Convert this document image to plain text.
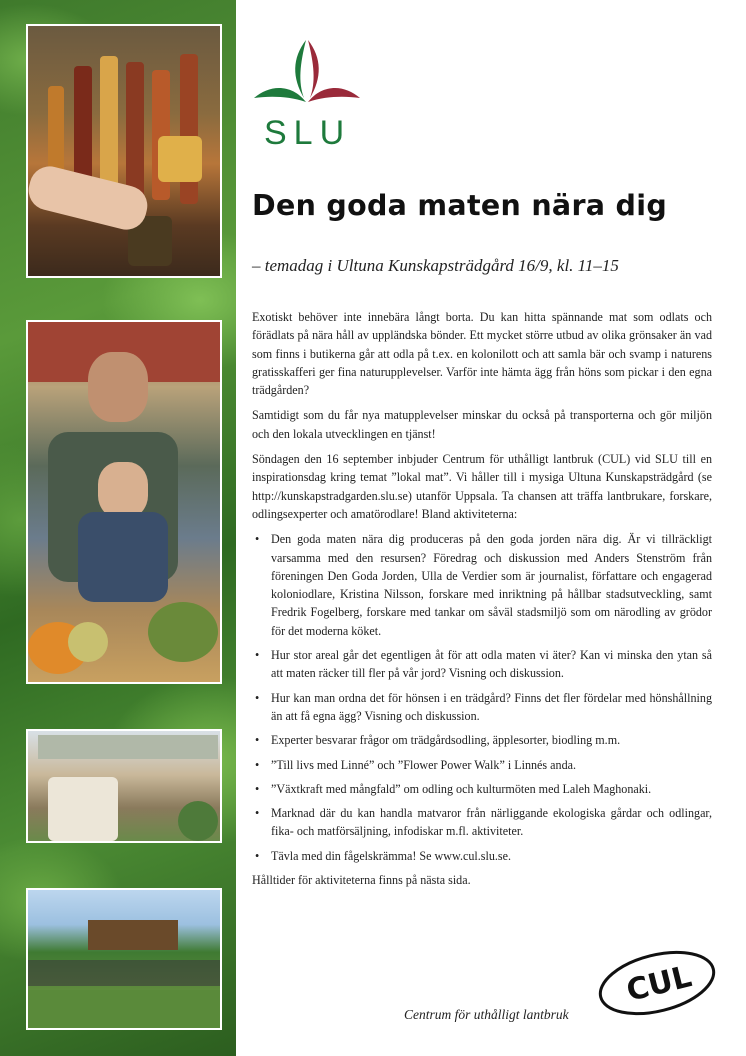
SLU
Den goda maten nära dig
– temadag i Ultuna Kunskapsträdgård 16/9, kl. 11–15

Exotiskt behöver inte innebära långt borta. Du kan hitta spännande mat som odlats och förädlats på nära håll av uppländska bönder. Ett mycket större utbud av olika grönsaker än vad som finns i butikerna går att odla på t.ex. en kolonilott och att samla bär och svamp i naturens gratisskafferi ger fina naturupplevelser. Varför inte hämta ägg från höns som pickar i den egna trädgården?

Samtidigt som du får nya matupplevelser minskar du också på transporterna och gör miljön och den lokala utvecklingen en tjänst!

Söndagen den 16 september inbjuder Centrum för uthålligt lantbruk (CUL) vid SLU till en inspirationsdag kring temat ”lokal mat”. Vi håller till i mysiga Ultuna Kunskapsträdgård (se http://kunskapstradgarden.slu.se) utanför Uppsala. Ta chansen att träffa lantbrukare, forskare, odlingsexperter och amatörodlare! Bland aktiviteterna:

• Den goda maten nära dig produceras på den goda jorden nära dig. Är vi tillräckligt varsamma med den resursen? Föredrag och diskussion med Anders Stenström från föreningen Den Goda Jorden, Ulla de Verdier som är journalist, författare och engagerad koloniodlare, Kristina Nilsson, forskare med inriktning på hållbar stadsutveckling, samt Fredrik Fogelberg, forskare med tankar om såväl stadsmiljö som om närodling av grödor för det moderna köket.
• Hur stor areal går det egentligen åt för att odla maten vi äter? Kan vi minska den ytan så att maten räcker till fler på vår jord? Visning och diskussion.
• Hur kan man ordna det för hönsen i en trädgård? Finns det fler fördelar med hönshållning än att få egna ägg? Visning och diskussion.
• Experter besvarar frågor om trädgårdsodling, äpplesorter, biodling m.m.
• ”Till livs med Linné” och ”Flower Power Walk” i Linnés anda.
• ”Växtkraft med mångfald” om odling och kulturmöten med Laleh Maghonaki.
• Marknad där du kan handla matvaror från närliggande ekologiska gårdar och odlingar, fika- och matförsäljning, infodiskar m.fl. aktiviteter.
• Tävla med din fågelskrämma! Se www.cul.slu.se.

Hålltider för aktiviteterna finns på nästa sida.

Centrum för uthålligt lantbruk

CUL
